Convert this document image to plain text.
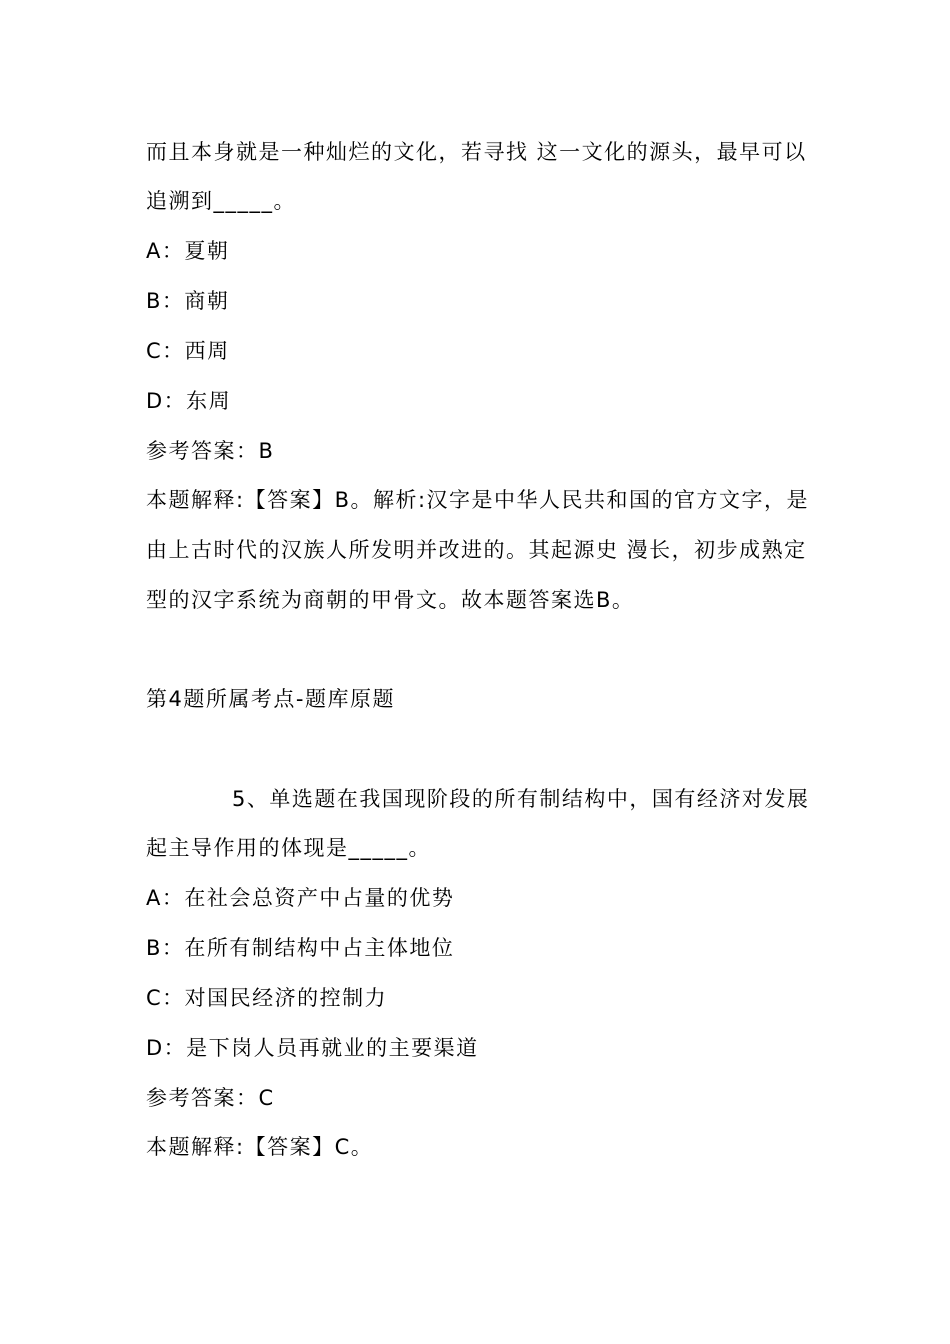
而且本身就是一种灿烂的文化，若寻找 这一文化的源头，最早可以
追溯到_____。
A：夏朝
B：商朝
C：西周
D：东周
参考答案：B
本题解释:【答案】B。解析:汉字是中华人民共和国的官方文字，是
由上古时代的汉族人所发明并改进的。其起源史 漫长，初步成熟定
型的汉字系统为商朝的甲骨文。故本题答案选B。
第4题所属考点-题库原题
5、单选题在我国现阶段的所有制结构中，国有经济对发展
起主导作用的体现是_____。
A：在社会总资产中占量的优势
B：在所有制结构中占主体地位
C：对国民经济的控制力
D：是下岗人员再就业的主要渠道
参考答案：C
本题解释:【答案】C。
